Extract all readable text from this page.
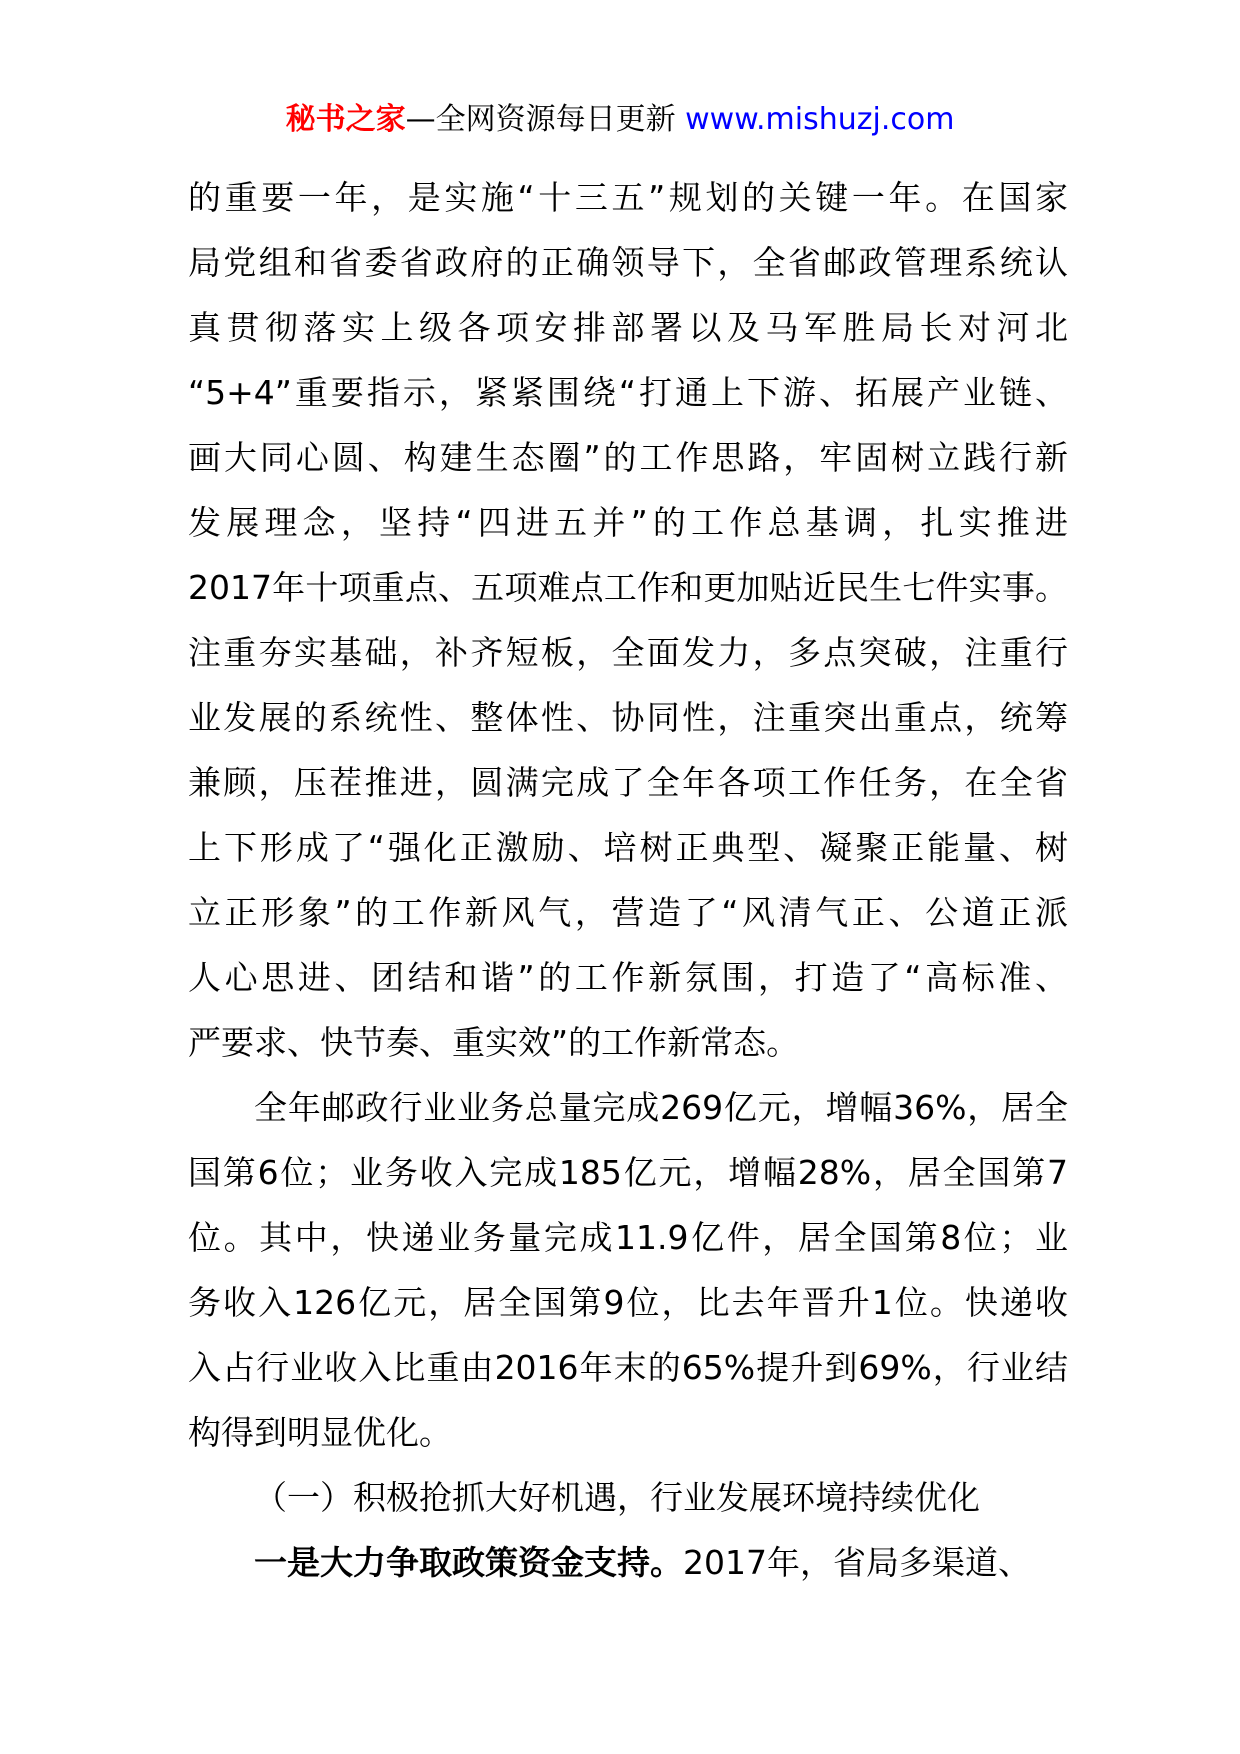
秘书之家—全网资源每日更新 www.mishuzj.com
的重要一年，是实施“十三五”规划的关键一年。在国家
局党组和省委省政府的正确领导下，全省邮政管理系统认
真贯彻落实上级各项安排部署以及马军胜局长对河北
“5+4”重要指示，紧紧围绕“打通上下游、拓展产业链、
画大同心圆、构建生态圈”的工作思路，牢固树立践行新
发展理念，坚持“四进五并”的工作总基调，扎实推进
2017年十项重点、五项难点工作和更加贴近民生七件实事。
注重夯实基础，补齐短板，全面发力，多点突破，注重行
业发展的系统性、整体性、协同性，注重突出重点，统筹
兼顾，压茬推进，圆满完成了全年各项工作任务，在全省
上下形成了“强化正激励、培树正典型、凝聚正能量、树
立正形象”的工作新风气，营造了“风清气正、公道正派
人心思进、团结和谐”的工作新氛围，打造了“高标准、
严要求、快节奏、重实效”的工作新常态。
全年邮政行业业务总量完成269亿元，增幅36%，居全
国第6位；业务收入完成185亿元，增幅28%，居全国第7
位。其中，快递业务量完成11.9亿件，居全国第8位；业
务收入126亿元，居全国第9位，比去年晋升1位。快递收
入占行业收入比重由2016年末的65%提升到69%，行业结
构得到明显优化。
（一）积极抢抓大好机遇，行业发展环境持续优化
一是大力争取政策资金支持。2017年，省局多渠道、
